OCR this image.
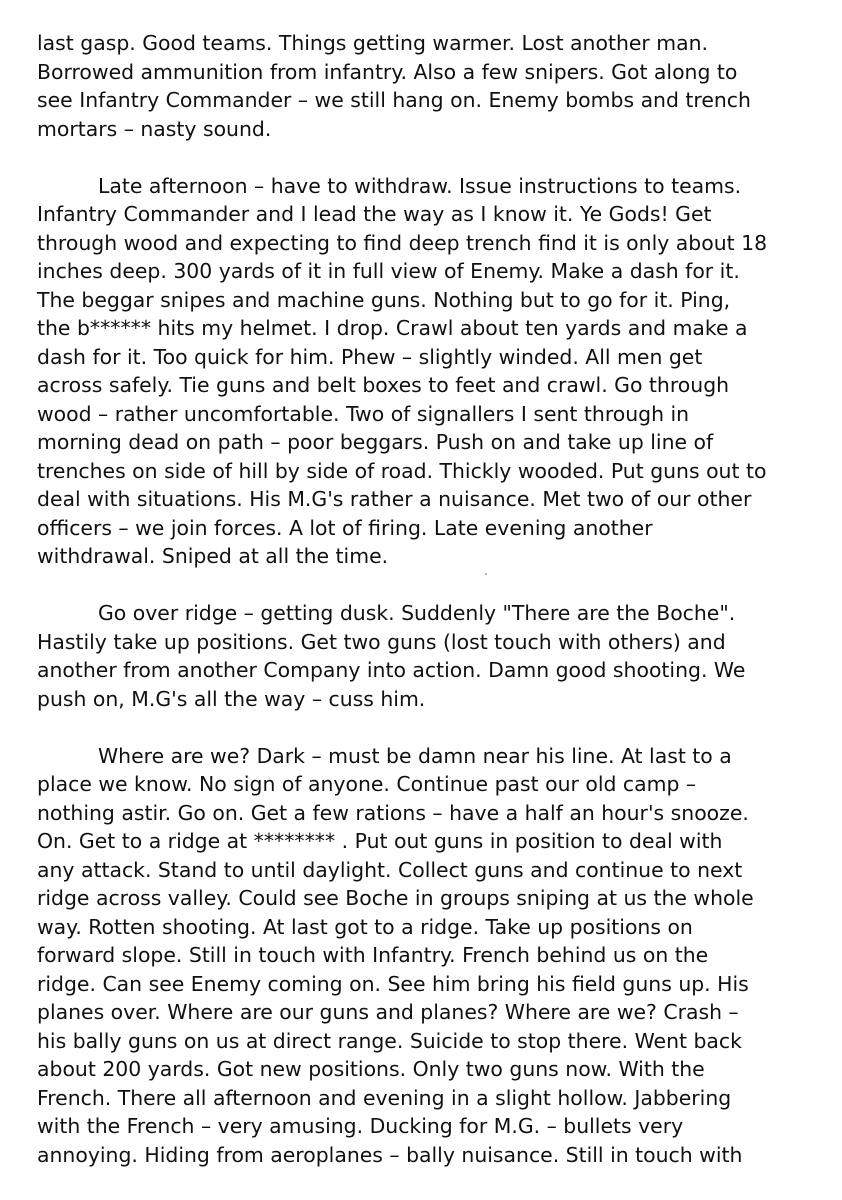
last gasp. Good teams. Things getting warmer. Lost another man.
Borrowed ammunition from infantry. Also a few snipers. Got along to
see Infantry Commander – we still hang on. Enemy bombs and trench
mortars – nasty sound.
Late afternoon – have to withdraw. Issue instructions to teams.
Infantry Commander and I lead the way as I know it. Ye Gods! Get
through wood and expecting to find deep trench find it is only about 18
inches deep. 300 yards of it in full view of Enemy. Make a dash for it.
The beggar snipes and machine guns. Nothing but to go for it. Ping,
the b****** hits my helmet. I drop. Crawl about ten yards and make a
dash for it. Too quick for him. Phew – slightly winded. All men get
across safely. Tie guns and belt boxes to feet and crawl. Go through
wood – rather uncomfortable. Two of signallers I sent through in
morning dead on path – poor beggars. Push on and take up line of
trenches on side of hill by side of road. Thickly wooded. Put guns out to
deal with situations. His M.G's rather a nuisance. Met two of our other
officers – we join forces. A lot of firing. Late evening another
withdrawal. Sniped at all the time.
Go over ridge – getting dusk. Suddenly "There are the Boche".
Hastily take up positions. Get two guns (lost touch with others) and
another from another Company into action. Damn good shooting. We
push on, M.G's all the way – cuss him.
Where are we? Dark – must be damn near his line. At last to a
place we know. No sign of anyone. Continue past our old camp –
nothing astir. Go on. Get a few rations – have a half an hour's snooze.
On. Get to a ridge at ******** . Put out guns in position to deal with
any attack. Stand to until daylight. Collect guns and continue to next
ridge across valley. Could see Boche in groups sniping at us the whole
way. Rotten shooting. At last got to a ridge. Take up positions on
forward slope. Still in touch with Infantry. French behind us on the
ridge. Can see Enemy coming on. See him bring his field guns up. His
planes over. Where are our guns and planes? Where are we? Crash –
his bally guns on us at direct range. Suicide to stop there. Went back
about 200 yards. Got new positions. Only two guns now. With the
French. There all afternoon and evening in a slight hollow. Jabbering
with the French – very amusing. Ducking for M.G. – bullets very
annoying. Hiding from aeroplanes – bally nuisance. Still in touch with
